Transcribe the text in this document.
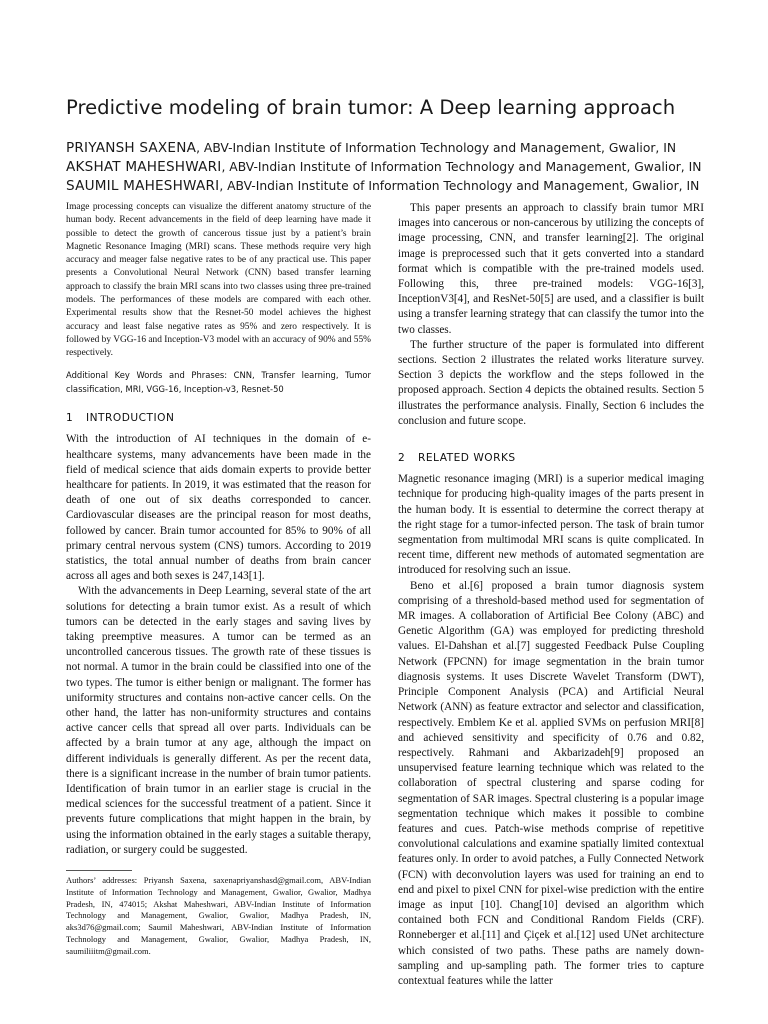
Predictive modeling of brain tumor: A Deep learning approach
PRIYANSH SAXENA, ABV-Indian Institute of Information Technology and Management, Gwalior, IN
AKSHAT MAHESHWARI, ABV-Indian Institute of Information Technology and Management, Gwalior, IN
SAUMIL MAHESHWARI, ABV-Indian Institute of Information Technology and Management, Gwalior, IN

Image processing concepts can visualize the different anatomy structure of the human body. Recent advancements in the field of deep learning have made it possible to detect the growth of cancerous tissue just by a patient’s brain Magnetic Resonance Imaging (MRI) scans. These methods require very high accuracy and meager false negative rates to be of any practical use. This paper presents a Convolutional Neural Network (CNN) based transfer learning approach to classify the brain MRI scans into two classes using three pre-trained models. The performances of these models are compared with each other. Experimental results show that the Resnet-50 model achieves the highest accuracy and least false negative rates as 95% and zero respectively. It is followed by VGG-16 and Inception-V3 model with an accuracy of 90% and 55% respectively.

Additional Key Words and Phrases: CNN, Transfer learning, Tumor classification, MRI, VGG-16, Inception-v3, Resnet-50

1 INTRODUCTION

With the introduction of AI techniques in the domain of e-healthcare systems, many advancements have been made in the field of medical science that aids domain experts to provide better healthcare for patients. In 2019, it was estimated that the reason for death of one out of six deaths corresponded to cancer. Cardiovascular diseases are the principal reason for most deaths, followed by cancer. Brain tumor accounted for 85% to 90% of all primary central nervous system (CNS) tumors. According to 2019 statistics, the total annual number of deaths from brain cancer across all ages and both sexes is 247,143[1].

With the advancements in Deep Learning, several state of the art solutions for detecting a brain tumor exist. As a result of which tumors can be detected in the early stages and saving lives by taking preemptive measures. A tumor can be termed as an uncontrolled cancerous tissues. The growth rate of these tissues is not normal. A tumor in the brain could be classified into one of the two types. The tumor is either benign or malignant. The former has uniformity structures and contains non-active cancer cells. On the other hand, the latter has non-uniformity structures and contains active cancer cells that spread all over parts. Individuals can be affected by a brain tumor at any age, although the impact on different individuals is generally different. As per the recent data, there is a significant increase in the number of brain tumor patients. Identification of brain tumor in an earlier stage is crucial in the medical sciences for the successful treatment of a patient. Since it prevents future complications that might happen in the brain, by using the information obtained in the early stages a suitable therapy, radiation, or surgery could be suggested.

Authors’ addresses: Priyansh Saxena, saxenapriyanshasd@gmail.com, ABV-Indian Institute of Information Technology and Management, Gwalior, Gwalior, Madhya Pradesh, IN, 474015; Akshat Maheshwari, ABV-Indian Institute of Information Technology and Management, Gwalior, Gwalior, Madhya Pradesh, IN, aks3d76@gmail.com; Saumil Maheshwari, ABV-Indian Institute of Information Technology and Management, Gwalior, Gwalior, Madhya Pradesh, IN, saumiliiitm@gmail.com.

This paper presents an approach to classify brain tumor MRI images into cancerous or non-cancerous by utilizing the concepts of image processing, CNN, and transfer learning[2]. The original image is preprocessed such that it gets converted into a standard format which is compatible with the pre-trained models used. Following this, three pre-trained models: VGG-16[3], InceptionV3[4], and ResNet-50[5] are used, and a classifier is built using a transfer learning strategy that can classify the tumor into the two classes.

The further structure of the paper is formulated into different sections. Section 2 illustrates the related works literature survey. Section 3 depicts the workflow and the steps followed in the proposed approach. Section 4 depicts the obtained results. Section 5 illustrates the performance analysis. Finally, Section 6 includes the conclusion and future scope.

2 RELATED WORKS

Magnetic resonance imaging (MRI) is a superior medical imaging technique for producing high-quality images of the parts present in the human body. It is essential to determine the correct therapy at the right stage for a tumor-infected person. The task of brain tumor segmentation from multimodal MRI scans is quite complicated. In recent time, different new methods of automated segmentation are introduced for resolving such an issue.

Beno et al.[6] proposed a brain tumor diagnosis system comprising of a threshold-based method used for segmentation of MR images. A collaboration of Artificial Bee Colony (ABC) and Genetic Algorithm (GA) was employed for predicting threshold values. El-Dahshan et al.[7] suggested Feedback Pulse Coupling Network (FPCNN) for image segmentation in the brain tumor diagnosis systems. It uses Discrete Wavelet Transform (DWT), Principle Component Analysis (PCA) and Artificial Neural Network (ANN) as feature extractor and selector and classification, respectively. Emblem Ke et al. applied SVMs on perfusion MRI[8] and achieved sensitivity and specificity of 0.76 and 0.82, respectively. Rahmani and Akbarizadeh[9] proposed an unsupervised feature learning technique which was related to the collaboration of spectral clustering and sparse coding for segmentation of SAR images. Spectral clustering is a popular image segmentation technique which makes it possible to combine features and cues. Patch-wise methods comprise of repetitive convolutional calculations and examine spatially limited contextual features only. In order to avoid patches, a Fully Connected Network (FCN) with deconvolution layers was used for training an end to end and pixel to pixel CNN for pixel-wise prediction with the entire image as input [10]. Chang[10] devised an algorithm which contained both FCN and Conditional Random Fields (CRF). Ronneberger et al.[11] and Çiçek et al.[12] used UNet architecture which consisted of two paths. These paths are namely down-sampling and up-sampling path. The former tries to capture contextual features while the latter
